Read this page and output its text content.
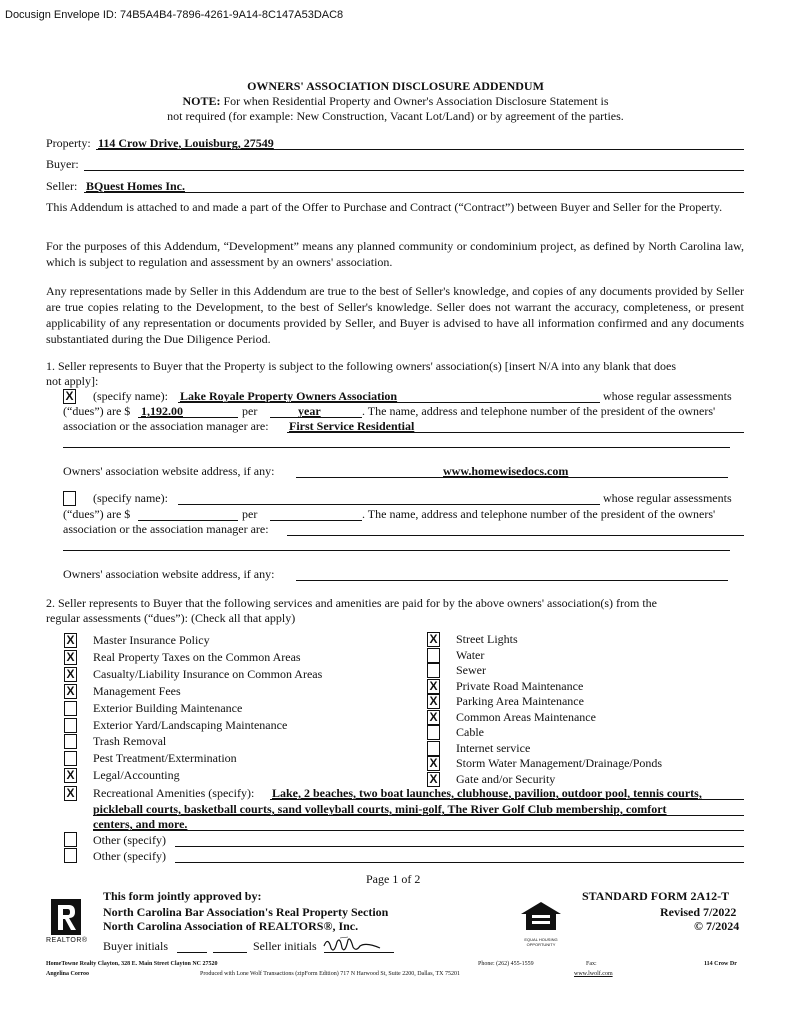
Docusign Envelope ID: 74B5A4B4-7896-4261-9A14-8C147A53DAC8
OWNERS' ASSOCIATION DISCLOSURE ADDENDUM
NOTE: For when Residential Property and Owner's Association Disclosure Statement is
not required (for example: New Construction, Vacant Lot/Land) or by agreement of the parties.
Property: 114 Crow Drive, Louisburg, 27549
Buyer:
Seller: BQuest Homes Inc.
This Addendum is attached to and made a part of the Offer to Purchase and Contract (“Contract”) between Buyer and Seller for the Property.
For the purposes of this Addendum, “Development” means any planned community or condominium project, as defined by North Carolina law, which is subject to regulation and assessment by an owners' association.
Any representations made by Seller in this Addendum are true to the best of Seller's knowledge, and copies of any documents provided by Seller are true copies relating to the Development, to the best of Seller's knowledge. Seller does not warrant the accuracy, completeness, or present applicability of any representation or documents provided by Seller, and Buyer is advised to have all information confirmed and any documents substantiated during the Due Diligence Period.
1. Seller represents to Buyer that the Property is subject to the following owners' association(s) [insert N/A into any blank that does
not apply]:
X (specify name): Lake Royale Property Owners Association	whose regular assessments
(“dues”) are $ 1,192.00	per	year	. The name, address and telephone number of the president of the owners'
association or the association manager are: First Service Residential
Owners' association website address, if any:	www.homewisedocs.com
(specify name):	whose regular assessments
(“dues”) are $	per	. The name, address and telephone number of the president of the owners'
association or the association manager are:
Owners' association website address, if any:
2. Seller represents to Buyer that the following services and amenities are paid for by the above owners' association(s) from the
regular assessments (“dues”): (Check all that apply)
X Master Insurance Policy
X Real Property Taxes on the Common Areas
X Casualty/Liability Insurance on Common Areas
X Management Fees
Exterior Building Maintenance
Exterior Yard/Landscaping Maintenance
Trash Removal
Pest Treatment/Extermination
X Legal/Accounting
X Street Lights
Water
Sewer
X Private Road Maintenance
X Parking Area Maintenance
X Common Areas Maintenance
Cable
Internet service
X Storm Water Management/Drainage/Ponds
X Gate and/or Security
X Recreational Amenities (specify): Lake, 2 beaches, two boat launches, clubhouse, pavilion, outdoor pool, tennis courts,
pickleball courts, basketball courts, sand volleyball courts, mini-golf, The River Golf Club membership, comfort
centers, and more.
Other (specify)
Other (specify)
Page 1 of 2
This form jointly approved by:
North Carolina Bar Association's Real Property Section
North Carolina Association of REALTORS®, Inc.
STANDARD FORM 2A12-T
Revised 7/2022
© 7/2024
REALTOR®	EQUAL HOUSING OPPORTUNITY
Buyer initials	Seller initials
HomeTowne Realty Clayton, 328 E. Main Street Clayton NC 27520	Phone: (262) 455-1559	Fax:	114 Crow Dr
Angelina Corroo	Produced with Lone Wolf Transactions (zipForm Edition) 717 N Harwood St, Suite 2200, Dallas, TX 75201	www.lwolf.com
